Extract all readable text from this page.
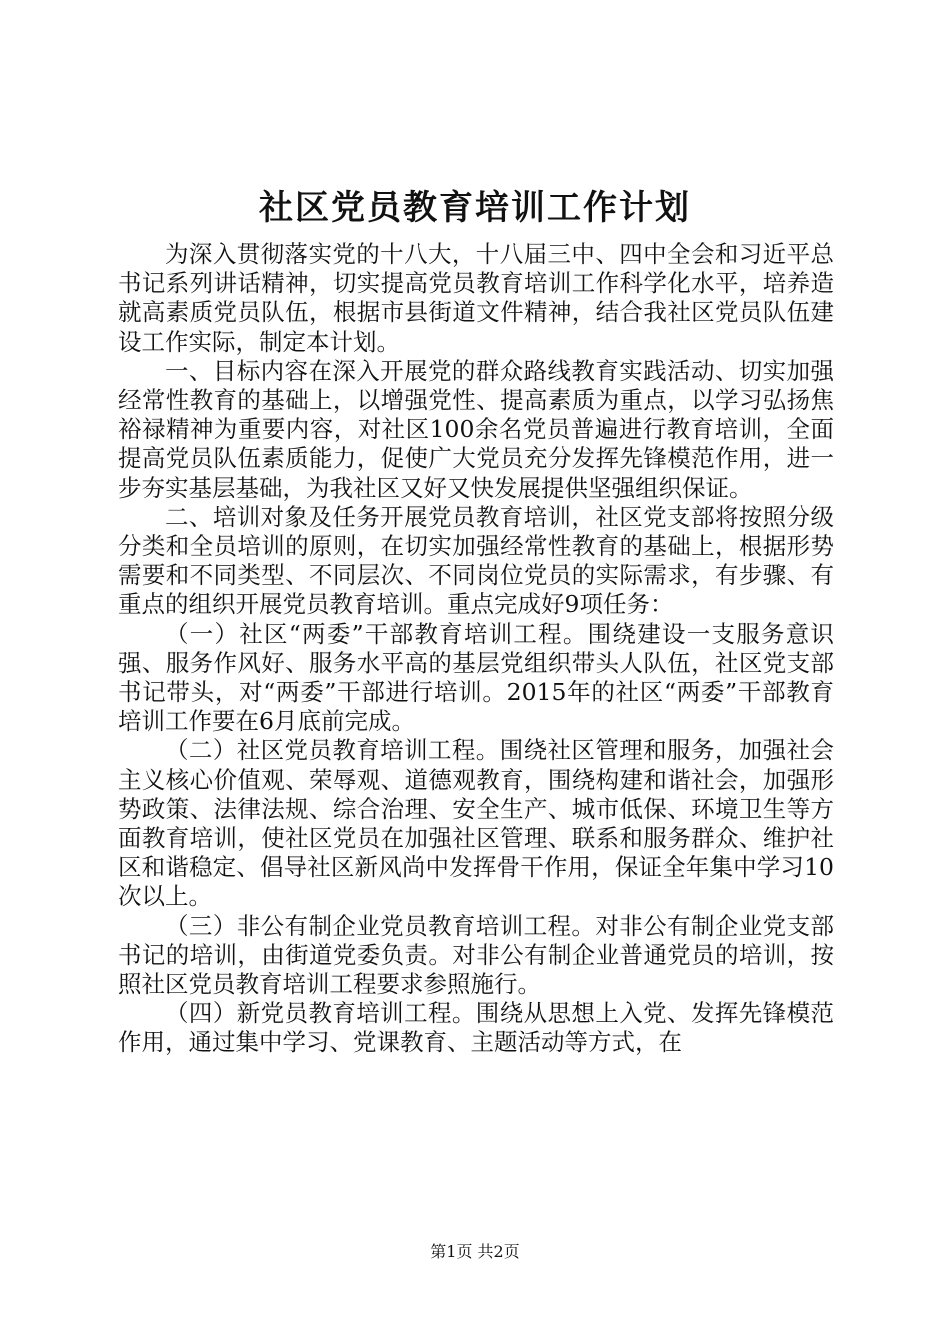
社区党员教育培训工作计划

为深入贯彻落实党的十八大，十八届三中、四中全会和习近平总书记系列讲话精神，切实提高党员教育培训工作科学化水平，培养造就高素质党员队伍，根据市县街道文件精神，结合我社区党员队伍建设工作实际，制定本计划。

一、目标内容在深入开展党的群众路线教育实践活动、切实加强经常性教育的基础上，以增强党性、提高素质为重点，以学习弘扬焦裕禄精神为重要内容，对社区100余名党员普遍进行教育培训，全面提高党员队伍素质能力，促使广大党员充分发挥先锋模范作用，进一步夯实基层基础，为我社区又好又快发展提供坚强组织保证。

二、培训对象及任务开展党员教育培训，社区党支部将按照分级分类和全员培训的原则，在切实加强经常性教育的基础上，根据形势需要和不同类型、不同层次、不同岗位党员的实际需求，有步骤、有重点的组织开展党员教育培训。重点完成好9项任务：

（一）社区“两委”干部教育培训工程。围绕建设一支服务意识强、服务作风好、服务水平高的基层党组织带头人队伍，社区党支部书记带头，对“两委”干部进行培训。2015年的社区“两委”干部教育培训工作要在6月底前完成。

（二）社区党员教育培训工程。围绕社区管理和服务，加强社会主义核心价值观、荣辱观、道德观教育，围绕构建和谐社会，加强形势政策、法律法规、综合治理、安全生产、城市低保、环境卫生等方面教育培训，使社区党员在加强社区管理、联系和服务群众、维护社区和谐稳定、倡导社区新风尚中发挥骨干作用，保证全年集中学习10次以上。

（三）非公有制企业党员教育培训工程。对非公有制企业党支部书记的培训，由街道党委负责。对非公有制企业普通党员的培训，按照社区党员教育培训工程要求参照施行。

（四）新党员教育培训工程。围绕从思想上入党、发挥先锋模范作用，通过集中学习、党课教育、主题活动等方式，在

第1页 共2页
